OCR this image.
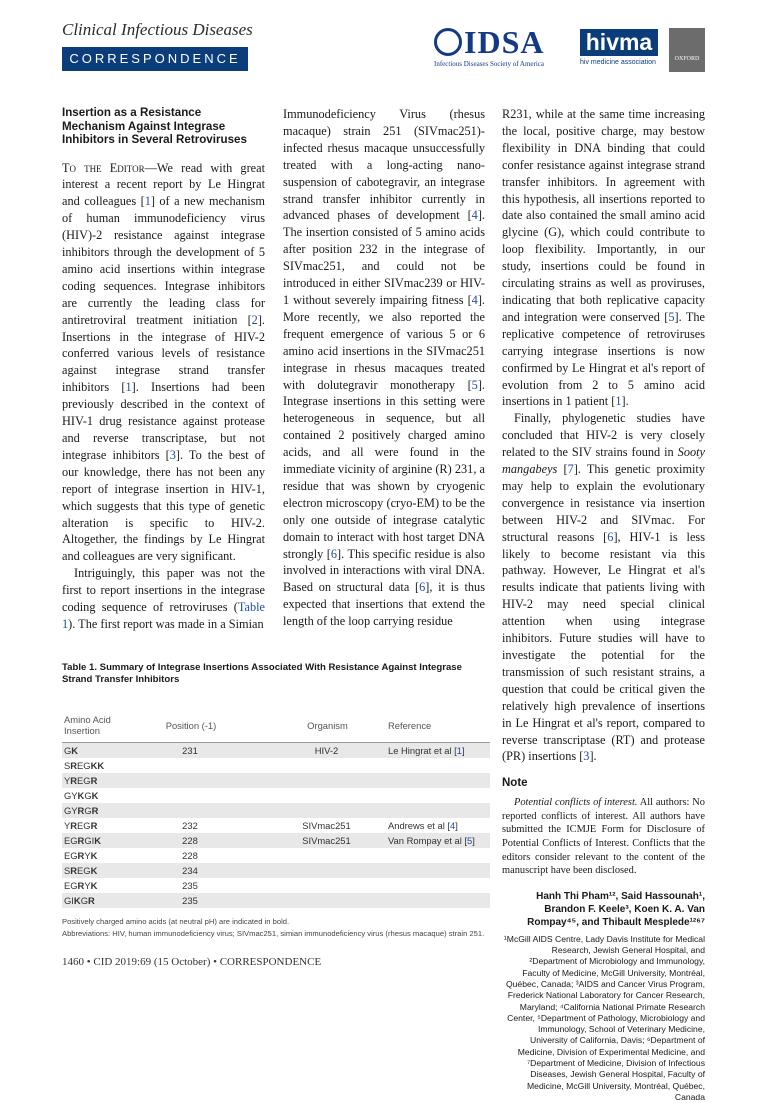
Clinical Infectious Diseases
CORRESPONDENCE	IDSA
Infectious Diseases Society of America
hivma
hiv medicine association	OXFORD
Insertion as a Resistance Mechanism Against Integrase Inhibitors in Several Retroviruses

To the Editor—We read with great interest a recent report by Le Hingrat and colleagues [1] of a new mechanism of human immunodeficiency virus (HIV)-2 resistance against integrase inhibitors through the development of 5 amino acid insertions within integrase coding sequences. Integrase inhibitors are currently the leading class for antiretroviral treatment initiation [2]. Insertions in the integrase of HIV-2 conferred various levels of resistance against integrase strand transfer inhibitors [1]. Insertions had been previously described in the context of HIV-1 drug resistance against protease and reverse transcriptase, but not integrase inhibitors [3]. To the best of our knowledge, there has not been any report of integrase insertion in HIV-1, which suggests that this type of genetic alteration is specific to HIV-2. Altogether, the findings by Le Hingrat and colleagues are very significant.

Intriguingly, this paper was not the first to report insertions in the integrase coding sequence of retroviruses (Table 1). The first report was made in a Simian

Immunodeficiency Virus (rhesus macaque) strain 251 (SIVmac251)-infected rhesus macaque unsuccessfully treated with a long-acting nano-suspension of cabotegravir, an integrase strand transfer inhibitor currently in advanced phases of development [4]. The insertion consisted of 5 amino acids after position 232 in the integrase of SIVmac251, and could not be introduced in either SIVmac239 or HIV-1 without severely impairing fitness [4]. More recently, we also reported the frequent emergence of various 5 or 6 amino acid insertions in the SIVmac251 integrase in rhesus macaques treated with dolutegravir monotherapy [5]. Integrase insertions in this setting were heterogeneous in sequence, but all contained 2 positively charged amino acids, and all were found in the immediate vicinity of arginine (R) 231, a residue that was shown by cryogenic electron microscopy (cryo-EM) to be the only one outside of integrase catalytic domain to interact with host target DNA strongly [6]. This specific residue is also involved in interactions with viral DNA. Based on structural data [6], it is thus expected that insertions that extend the length of the loop carrying residue

R231, while at the same time increasing the local, positive charge, may bestow flexibility in DNA binding that could confer resistance against integrase strand transfer inhibitors. In agreement with this hypothesis, all insertions reported to date also contained the small amino acid glycine (G), which could contribute to loop flexibility. Importantly, in our study, insertions could be found in circulating strains as well as proviruses, indicating that both replicative capacity and integration were conserved [5]. The replicative competence of retroviruses carrying integrase insertions is now confirmed by Le Hingrat et al's report of evolution from 2 to 5 amino acid insertions in 1 patient [1].

Finally, phylogenetic studies have concluded that HIV-2 is very closely related to the SIV strains found in Sooty mangabeys [7]. This genetic proximity may help to explain the evolutionary convergence in resistance via insertion between HIV-2 and SIVmac. For structural reasons [6], HIV-1 is less likely to become resistant via this pathway. However, Le Hingrat et al's results indicate that patients living with HIV-2 may need special clinical attention when using integrase inhibitors. Future studies will have to investigate the potential for the transmission of such resistant strains, a question that could be critical given the relatively high prevalence of insertions in Le Hingrat et al's report, compared to reverse transcriptase (RT) and protease (PR) insertions [3].

Note

Potential conflicts of interest. All authors: No reported conflicts of interest. All authors have submitted the ICMJE Form for Disclosure of Potential Conflicts of Interest. Conflicts that the editors consider relevant to the content of the manuscript have been disclosed.

Hanh Thi Pham¹², Said Hassounah¹, Brandon F. Keele³, Koen K. A. Van Rompay⁴⁵, and Thibault Mesplede¹²⁶⁷
¹McGill AIDS Centre, Lady Davis Institute for Medical Research, Jewish General Hospital, and ²Department of Microbiology and Immunology, Faculty of Medicine, McGill University, Montréal, Québec, Canada; ³AIDS and Cancer Virus Program, Frederick National Laboratory for Cancer Research, Maryland; ⁴California National Primate Research Center, ⁵Department of Pathology, Microbiology and Immunology, School of Veterinary Medicine, University of California, Davis; ⁶Department of Medicine, Division of Experimental Medicine, and ⁷Department of Medicine, Division of Infectious Diseases, Jewish General Hospital, Faculty of Medicine, McGill University, Montréal, Québec, Canada

Table 1. Summary of Integrase Insertions Associated With Resistance Against Integrase Strand Transfer Inhibitors

Amino Acid Insertion	Position (-1)	Organism	Reference
GK	231	HIV-2	Le Hingrat et al [1]
SREGKK			
YREGR			
GYKGK			
GYRGR			
YREGR	232	SIVmac251	Andrews et al [4]
EGRGIK	228	SIVmac251	Van Rompay et al [5]
EGRYK	228		
SREGK	234		
EGRYK	235		
GIKGR	235		
Positively charged amino acids (at neutral pH) are indicated in bold.
Abbreviations: HIV, human immunodeficiency virus; SIVmac251, simian immunodeficiency virus (rhesus macaque) strain 251.
1460 • CID 2019:69 (15 October) • CORRESPONDENCE
